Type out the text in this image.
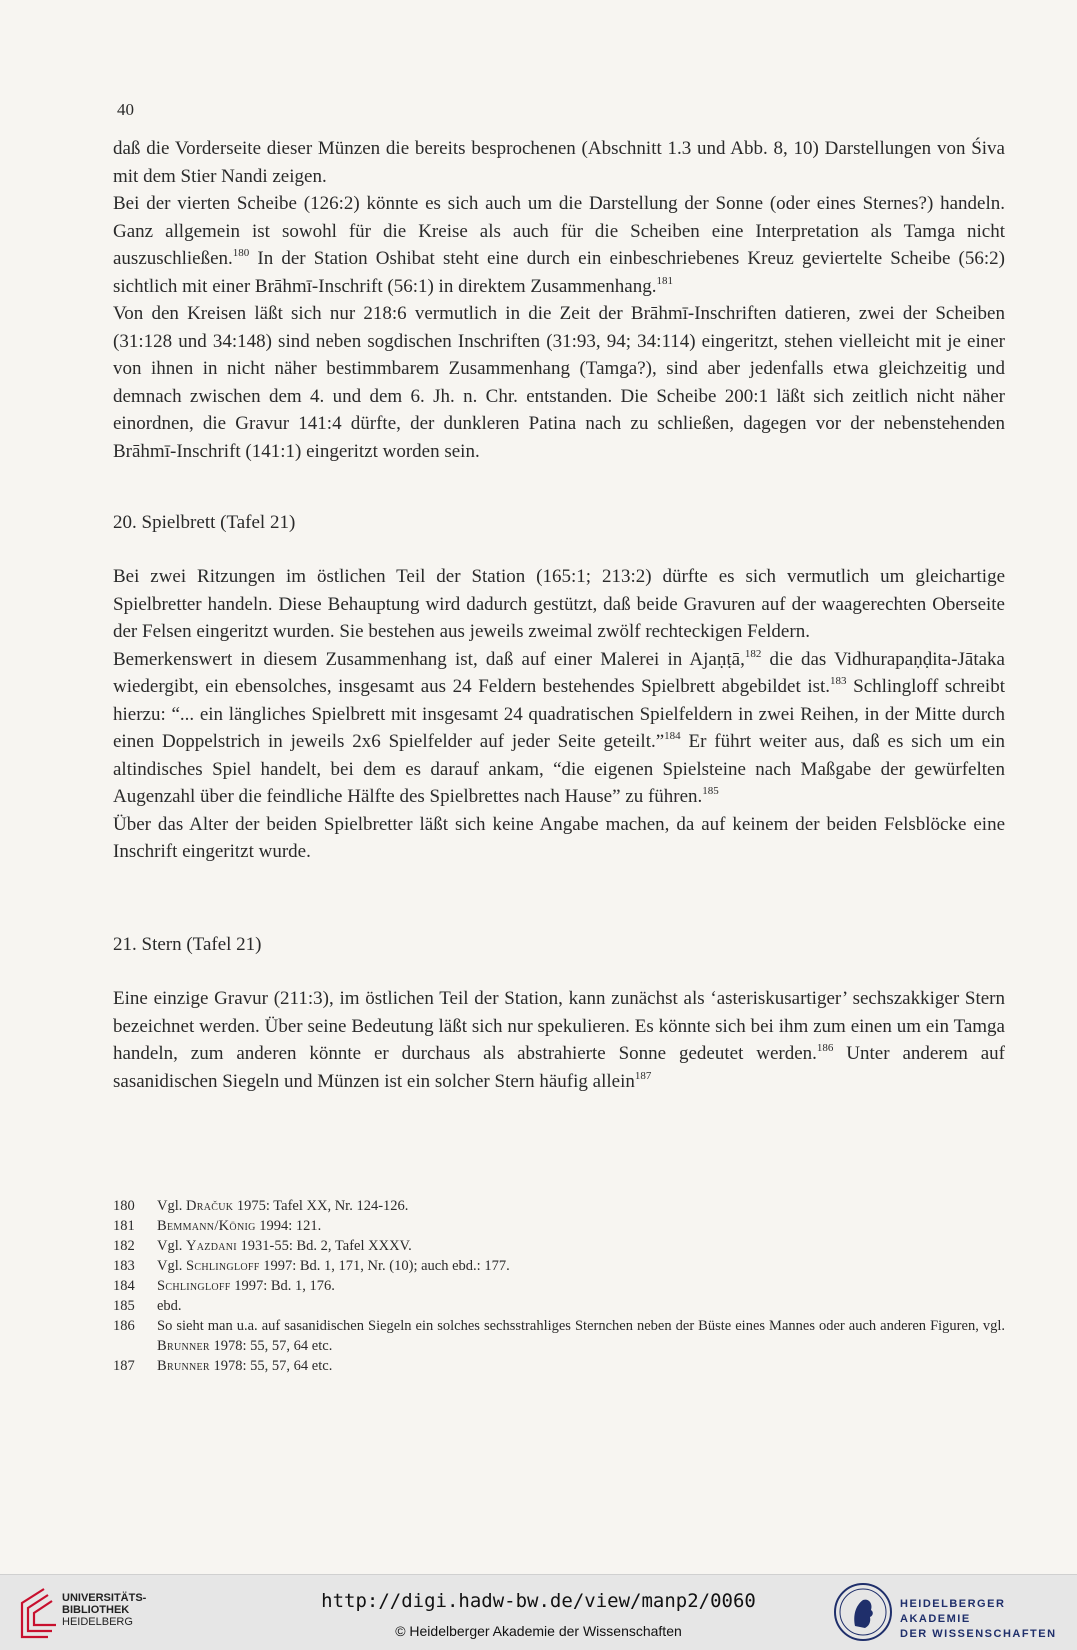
40

daß die Vorderseite dieser Münzen die bereits besprochenen (Abschnitt 1.3 und Abb. 8, 10) Darstellungen von Śiva mit dem Stier Nandi zeigen.

Bei der vierten Scheibe (126:2) könnte es sich auch um die Darstellung der Sonne (oder eines Sternes?) handeln. Ganz allgemein ist sowohl für die Kreise als auch für die Scheiben eine Interpretation als Tamga nicht auszuschließen.$^{180}$ In der Station Oshibat steht eine durch ein einbeschriebenes Kreuz geviertelte Scheibe (56:2) sichtlich mit einer Brāhmī-Inschrift (56:1) in direktem Zusammenhang.$^{181}$

Von den Kreisen läßt sich nur 218:6 vermutlich in die Zeit der Brāhmī-Inschriften datieren, zwei der Scheiben (31:128 und 34:148) sind neben sogdischen Inschriften (31:93, 94; 34:114) eingeritzt, stehen vielleicht mit je einer von ihnen in nicht näher bestimmbarem Zusammenhang (Tamga?), sind aber jedenfalls etwa gleichzeitig und demnach zwischen dem 4. und dem 6. Jh. n. Chr. entstanden. Die Scheibe 200:1 läßt sich zeitlich nicht näher einordnen, die Gravur 141:4 dürfte, der dunkleren Patina nach zu schließen, dagegen vor der nebenstehenden Brāhmī-Inschrift (141:1) eingeritzt worden sein.

20. Spielbrett (Tafel 21)

Bei zwei Ritzungen im östlichen Teil der Station (165:1; 213:2) dürfte es sich vermutlich um gleichartige Spielbretter handeln. Diese Behauptung wird dadurch gestützt, daß beide Gravuren auf der waagerechten Oberseite der Felsen eingeritzt wurden. Sie bestehen aus jeweils zweimal zwölf rechteckigen Feldern.

Bemerkenswert in diesem Zusammenhang ist, daß auf einer Malerei in Ajaṇṭā,$^{182}$ die das Vidhurapaṇḍita-Jātaka wiedergibt, ein ebensolches, insgesamt aus 24 Feldern bestehendes Spielbrett abgebildet ist.$^{183}$ Schlingloff schreibt hierzu: “... ein längliches Spielbrett mit insgesamt 24 quadratischen Spielfeldern in zwei Reihen, in der Mitte durch einen Doppelstrich in jeweils 2x6 Spielfelder auf jeder Seite geteilt.”$^{184}$ Er führt weiter aus, daß es sich um ein altindisches Spiel handelt, bei dem es darauf ankam, “die eigenen Spielsteine nach Maßgabe der gewürfelten Augenzahl über die feindliche Hälfte des Spielbrettes nach Hause” zu führen.$^{185}$

Über das Alter der beiden Spielbretter läßt sich keine Angabe machen, da auf keinem der beiden Felsblöcke eine Inschrift eingeritzt wurde.

21. Stern (Tafel 21)

Eine einzige Gravur (211:3), im östlichen Teil der Station, kann zunächst als ‘asteriskusartiger’ sechszakkiger Stern bezeichnet werden. Über seine Bedeutung läßt sich nur spekulieren. Es könnte sich bei ihm zum einen um ein Tamga handeln, zum anderen könnte er durchaus als abstrahierte Sonne gedeutet werden.$^{186}$ Unter anderem auf sasanidischen Siegeln und Münzen ist ein solcher Stern häufig allein$^{187}$

180	Vgl. Dračuk 1975: Tafel XX, Nr. 124-126.
181	Bemmann/König 1994: 121.
182	Vgl. Yazdani 1931-55: Bd. 2, Tafel XXXV.
183	Vgl. Schlingloff 1997: Bd. 1, 171, Nr. (10); auch ebd.: 177.
184	Schlingloff 1997: Bd. 1, 176.
185	ebd.
186	So sieht man u.a. auf sasanidischen Siegeln ein solches sechsstrahliges Sternchen neben der Büste eines Mannes oder auch anderen Figuren, vgl. Brunner 1978: 55, 57, 64 etc.
187	Brunner 1978: 55, 57, 64 etc.
UNIVERSITÄTS-
BIBLIOTHEK
HEIDELBERG
http://digi.hadw-bw.de/view/manp2/0060
© Heidelberger Akademie der Wissenschaften
HEIDELBERGER AKADEMIE
DER WISSENSCHAFTEN
